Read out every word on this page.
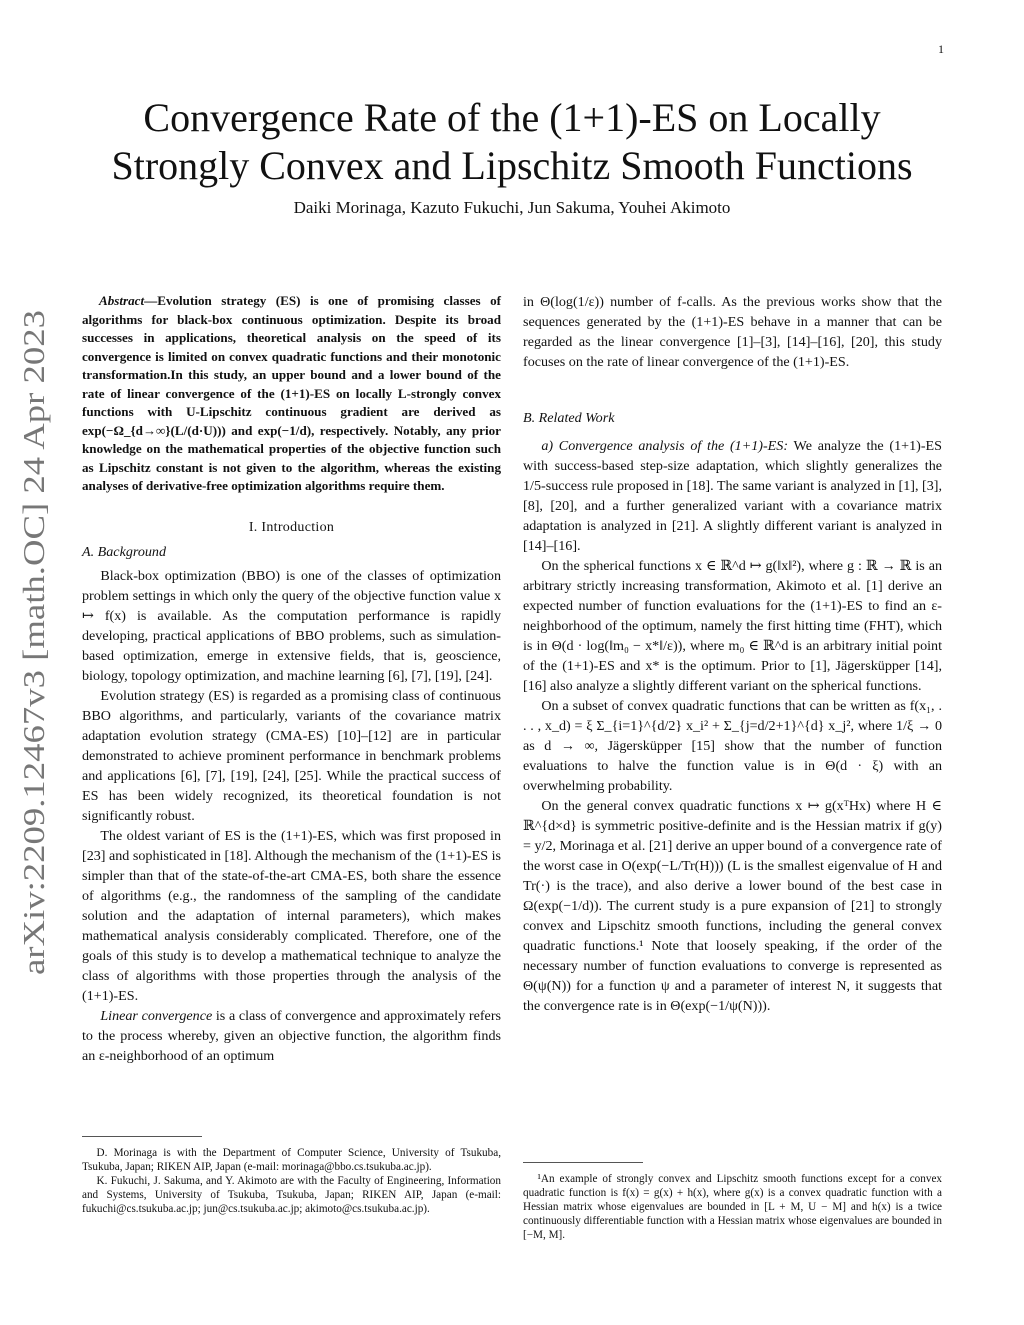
1
Convergence Rate of the (1+1)-ES on Locally
Strongly Convex and Lipschitz Smooth Functions
Daiki Morinaga, Kazuto Fukuchi, Jun Sakuma, Youhei Akimoto
arXiv:2209.12467v3 [math.OC] 24 Apr 2023

Abstract—Evolution strategy (ES) is one of promising classes of algorithms for black-box continuous optimization. Despite its broad successes in applications, theoretical analysis on the speed of its convergence is limited on convex quadratic functions and their monotonic transformation.In this study, an upper bound and a lower bound of the rate of linear convergence of the (1+1)-ES on locally L-strongly convex functions with U-Lipschitz continuous gradient are derived as exp(−Ω_{d→∞}(L/(d·U))) and exp(−1/d), respectively. Notably, any prior knowledge on the mathematical properties of the objective function such as Lipschitz constant is not given to the algorithm, whereas the existing analyses of derivative-free optimization algorithms require them.

I. Introduction
A. Background

Black-box optimization (BBO) is one of the classes of optimization problem settings in which only the query of the objective function value x ↦ f(x) is available. As the computation performance is rapidly developing, practical applications of BBO problems, such as simulation-based optimization, emerge in extensive fields, that is, geoscience, biology, topology optimization, and machine learning [6], [7], [19], [24].

Evolution strategy (ES) is regarded as a promising class of continuous BBO algorithms, and particularly, variants of the covariance matrix adaptation evolution strategy (CMA-ES) [10]–[12] are in particular demonstrated to achieve prominent performance in benchmark problems and applications [6], [7], [19], [24], [25]. While the practical success of ES has been widely recognized, its theoretical foundation is not significantly robust.

The oldest variant of ES is the (1+1)-ES, which was first proposed in [23] and sophisticated in [18]. Although the mechanism of the (1+1)-ES is simpler than that of the state-of-the-art CMA-ES, both share the essence of algorithms (e.g., the randomness of the sampling of the candidate solution and the adaptation of internal parameters), which makes mathematical analysis considerably complicated. Therefore, one of the goals of this study is to develop a mathematical technique to analyze the class of algorithms with those properties through the analysis of the (1+1)-ES.

Linear convergence is a class of convergence and approximately refers to the process whereby, given an objective function, the algorithm finds an ε-neighborhood of an optimum

D. Morinaga is with the Department of Computer Science, University of Tsukuba, Tsukuba, Japan; RIKEN AIP, Japan (e-mail: morinaga@bbo.cs.tsukuba.ac.jp).

K. Fukuchi, J. Sakuma, and Y. Akimoto are with the Faculty of Engineering, Information and Systems, University of Tsukuba, Tsukuba, Japan; RIKEN AIP, Japan (e-mail: fukuchi@cs.tsukuba.ac.jp; jun@cs.tsukuba.ac.jp; akimoto@cs.tsukuba.ac.jp).

in Θ(log(1/ε)) number of f-calls. As the previous works show that the sequences generated by the (1+1)-ES behave in a manner that can be regarded as the linear convergence [1]–[3], [14]–[16], [20], this study focuses on the rate of linear convergence of the (1+1)-ES.

B. Related Work

a) Convergence analysis of the (1+1)-ES: We analyze the (1+1)-ES with success-based step-size adaptation, which slightly generalizes the 1/5-success rule proposed in [18]. The same variant is analyzed in [1], [3], [8], [20], and a further generalized variant with a covariance matrix adaptation is analyzed in [21]. A slightly different variant is analyzed in [14]–[16].

On the spherical functions x ∈ ℝ^d ↦ g(‖x‖²), where g : ℝ → ℝ is an arbitrary strictly increasing transformation, Akimoto et al. [1] derive an expected number of function evaluations for the (1+1)-ES to find an ε-neighborhood of the optimum, namely the first hitting time (FHT), which is in Θ(d · log(‖m₀ − x*‖/ε)), where m₀ ∈ ℝ^d is an arbitrary initial point of the (1+1)-ES and x* is the optimum. Prior to [1], Jägersküpper [14], [16] also analyze a slightly different variant on the spherical functions.

On a subset of convex quadratic functions that can be written as f(x₁, . . . , x_d) = ξ Σ_{i=1}^{d/2} x_i² + Σ_{j=d/2+1}^{d} x_j², where 1/ξ → 0 as d → ∞, Jägersküpper [15] show that the number of function evaluations to halve the function value is in Θ(d · ξ) with an overwhelming probability.

On the general convex quadratic functions x ↦ g(xᵀHx) where H ∈ ℝ^{d×d} is symmetric positive-definite and is the Hessian matrix if g(y) = y/2, Morinaga et al. [21] derive an upper bound of a convergence rate of the worst case in O(exp(−L/Tr(H))) (L is the smallest eigenvalue of H and Tr(·) is the trace), and also derive a lower bound of the best case in Ω(exp(−1/d)). The current study is a pure expansion of [21] to strongly convex and Lipschitz smooth functions, including the general convex quadratic functions.¹ Note that loosely speaking, if the order of the necessary number of function evaluations to converge is represented as Θ(ψ(N)) for a function ψ and a parameter of interest N, it suggests that the convergence rate is in Θ(exp(−1/ψ(N))).

¹An example of strongly convex and Lipschitz smooth functions except for a convex quadratic function is f(x) = g(x) + h(x), where g(x) is a convex quadratic function with a Hessian matrix whose eigenvalues are bounded in [L + M, U − M] and h(x) is a twice continuously differentiable function with a Hessian matrix whose eigenvalues are bounded in [−M, M].
